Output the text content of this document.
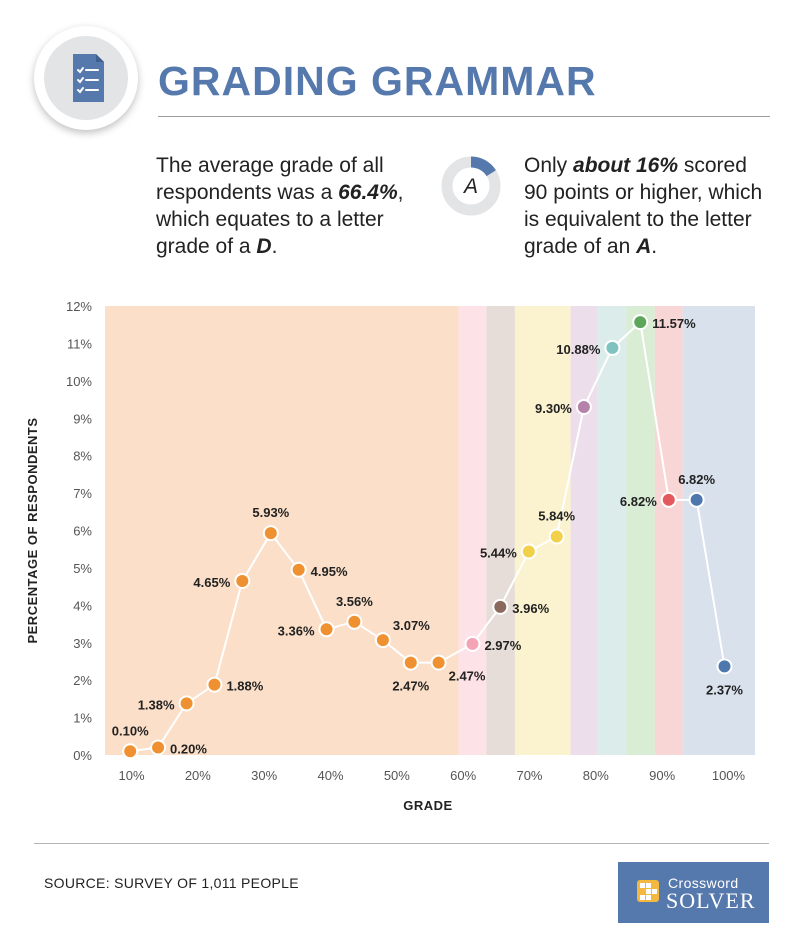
GRADING GRAMMAR
The average grade of all respondents was a 66.4%, which equates to a letter grade of a D.
A
Only about 16% scored 90 points or higher, which is equivalent to the letter grade of an A.
0%
1%
2%
3%
4%
5%
6%
7%
8%
9%
10%
11%
12%
10%	20%	30%	40%	50%	60%	70%	80%	90%	100%
0.10%
0.20%
1.38%
1.88%
4.65%
5.93%
4.95%
3.36%
3.56%
3.07%
2.47%
2.47%
2.97%
3.96%
5.44%
5.84%
9.30%
10.88%
11.57%
6.82%
6.82%
2.37%
PERCENTAGE OF RESPONDENTS
GRADE
SOURCE: SURVEY OF 1,011 PEOPLE	Crossword
SOLVER
